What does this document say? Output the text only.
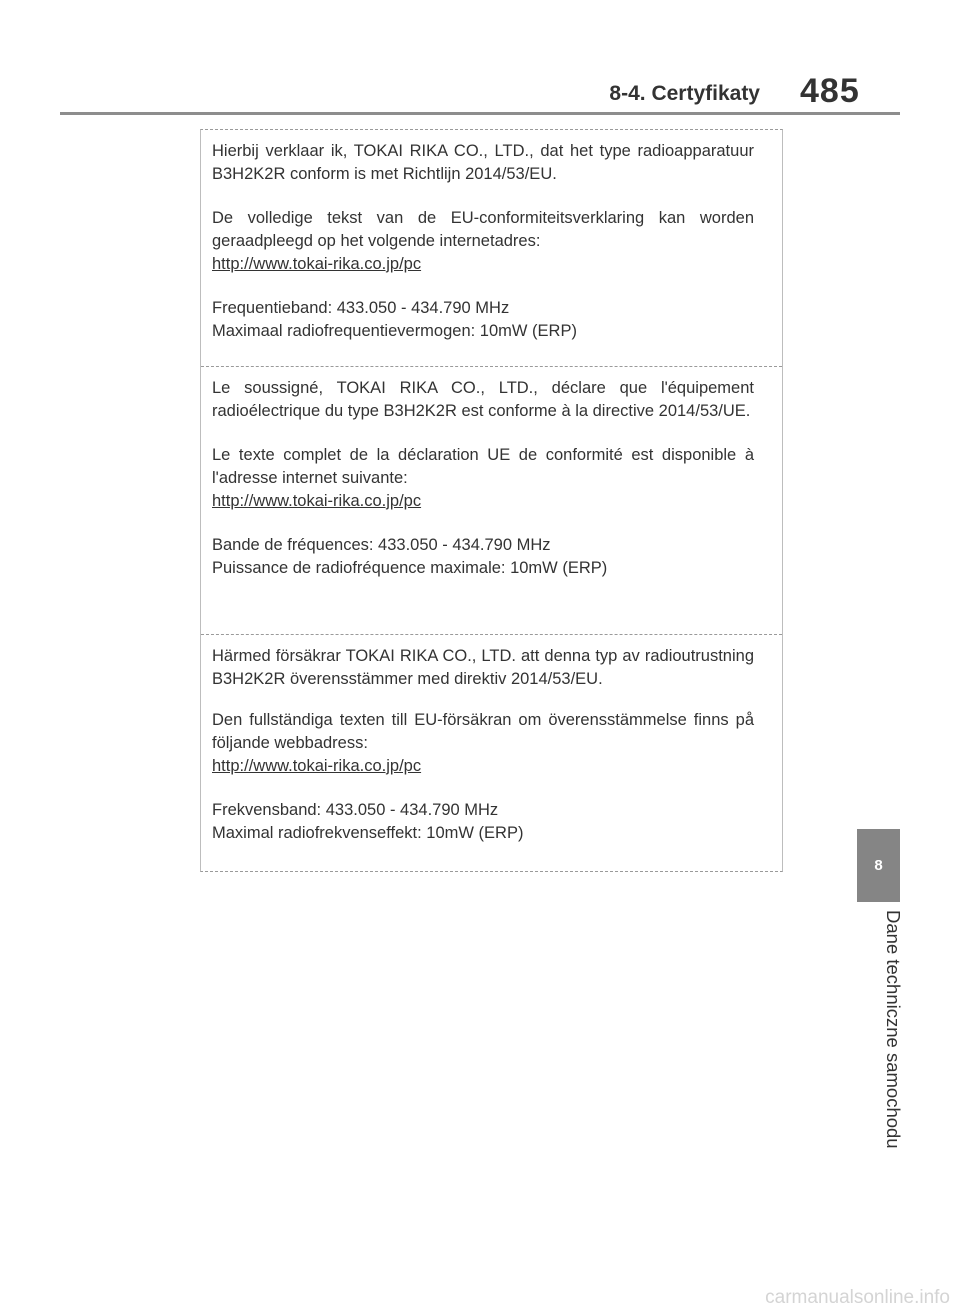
8-4. Certyfikaty 485

Hierbij verklaar ik, TOKAI RIKA CO., LTD., dat het type radioapparatuur B3H2K2R conform is met Richtlijn 2014/53/EU.

De volledige tekst van de EU-conformiteitsverklaring kan worden geraadpleegd op het volgende internetadres:

http://www.tokai-rika.co.jp/pc

Frequentieband: 433.050 - 434.790 MHz

Maximaal radiofrequentievermogen: 10mW (ERP)

Le soussigné, TOKAI RIKA CO., LTD., déclare que l'équipement radioélectrique du type B3H2K2R est conforme à la directive 2014/53/UE.

Le texte complet de la déclaration UE de conformité est disponible à l'adresse internet suivante:

http://www.tokai-rika.co.jp/pc

Bande de fréquences: 433.050 - 434.790 MHz

Puissance de radiofréquence maximale: 10mW (ERP)

Härmed försäkrar TOKAI RIKA CO., LTD. att denna typ av radioutrustning B3H2K2R överensstämmer med direktiv 2014/53/EU.

Den fullständiga texten till EU-försäkran om överensstämmelse finns på följande webbadress:

http://www.tokai-rika.co.jp/pc

Frekvensband: 433.050 - 434.790 MHz

Maximal radiofrekvenseffekt: 10mW (ERP)

8
Dane techniczne samochodu
carmanualsonline.info
